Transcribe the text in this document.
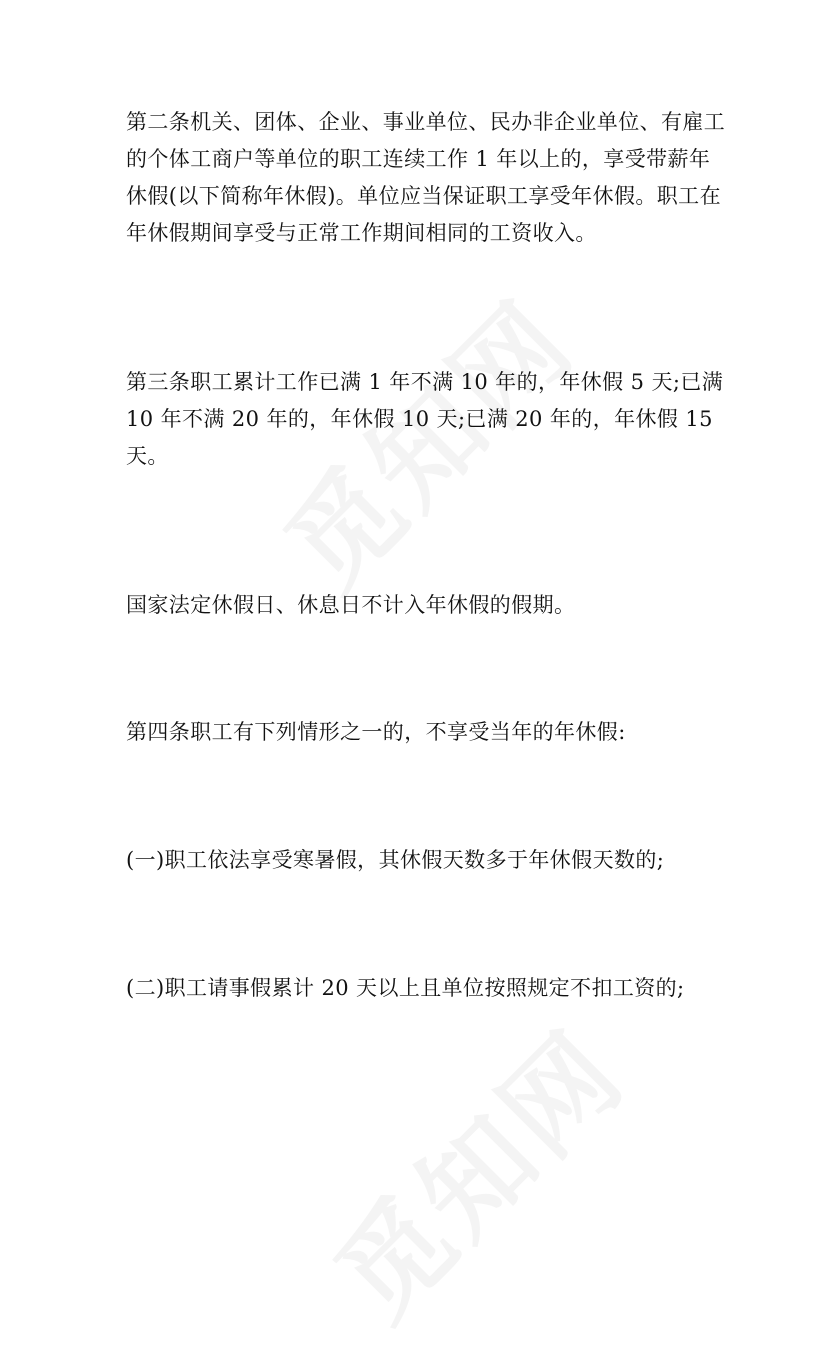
第二条机关、团体、企业、事业单位、民办非企业单位、有雇工的个体工商户等单位的职工连续工作 1 年以上的，享受带薪年休假(以下简称年休假)。单位应当保证职工享受年休假。职工在年休假期间享受与正常工作期间相同的工资收入。

第三条职工累计工作已满 1 年不满 10 年的，年休假 5 天;已满 10 年不满 20 年的，年休假 10 天;已满 20 年的，年休假 15 天。

国家法定休假日、休息日不计入年休假的假期。

第四条职工有下列情形之一的，不享受当年的年休假:

(一)职工依法享受寒暑假，其休假天数多于年休假天数的;

(二)职工请事假累计 20 天以上且单位按照规定不扣工资的;
